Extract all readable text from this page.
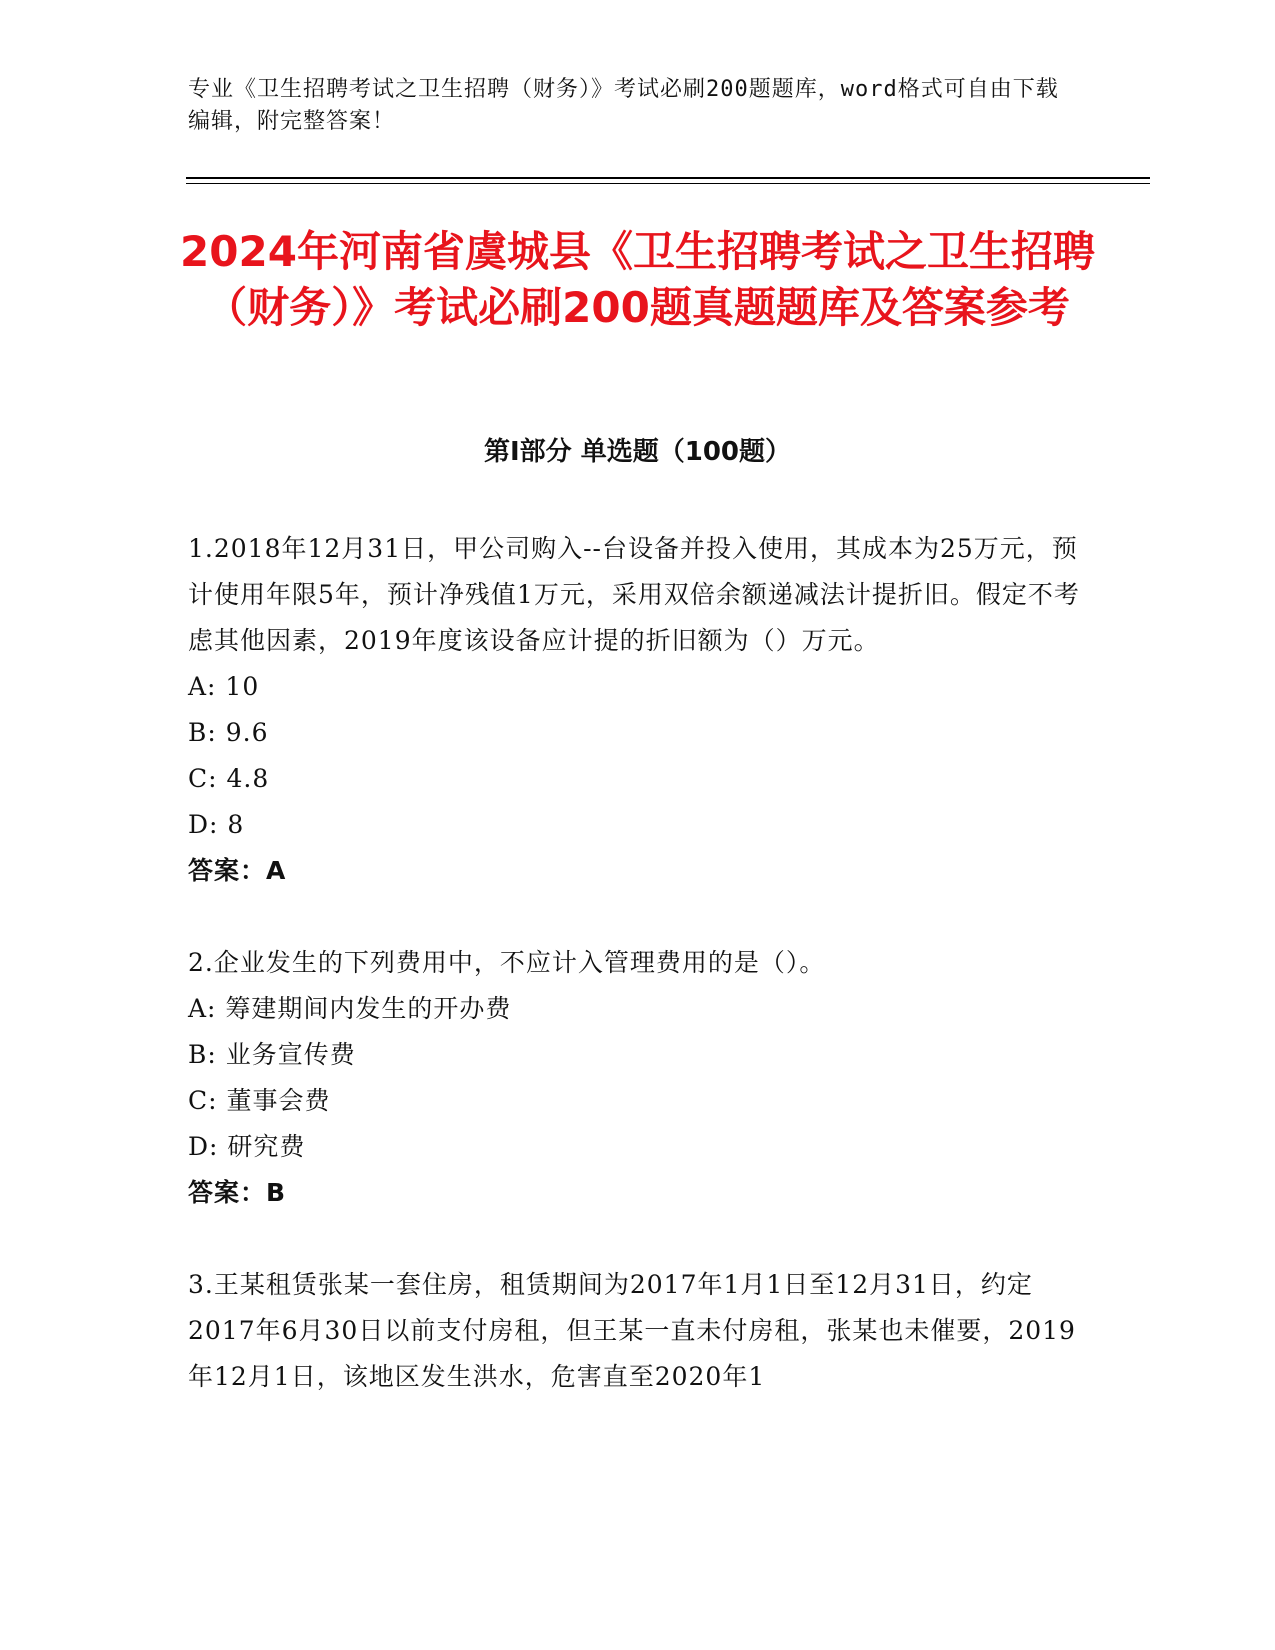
专业《卫生招聘考试之卫生招聘（财务）》考试必刷200题题库，word格式可自由下载编辑，附完整答案！
2024年河南省虞城县《卫生招聘考试之卫生招聘（财务）》考试必刷200题真题题库及答案参考
第I部分 单选题（100题）

1.2018年12月31日，甲公司购入--台设备并投入使用，其成本为25万元，预计使用年限5年，预计净残值1万元，采用双倍余额递减法计提折旧。假定不考虑其他因素，2019年度该设备应计提的折旧额为（）万元。

A: 10

B: 9.6

C: 4.8

D: 8

答案：A

2.企业发生的下列费用中，不应计入管理费用的是（）。

A: 筹建期间内发生的开办费

B: 业务宣传费

C: 董事会费

D: 研究费

答案：B

3.王某租赁张某一套住房，租赁期间为2017年1月1日至12月31日，约定2017年6月30日以前支付房租，但王某一直未付房租，张某也未催要，2019年12月1日，该地区发生洪水，危害直至2020年1
